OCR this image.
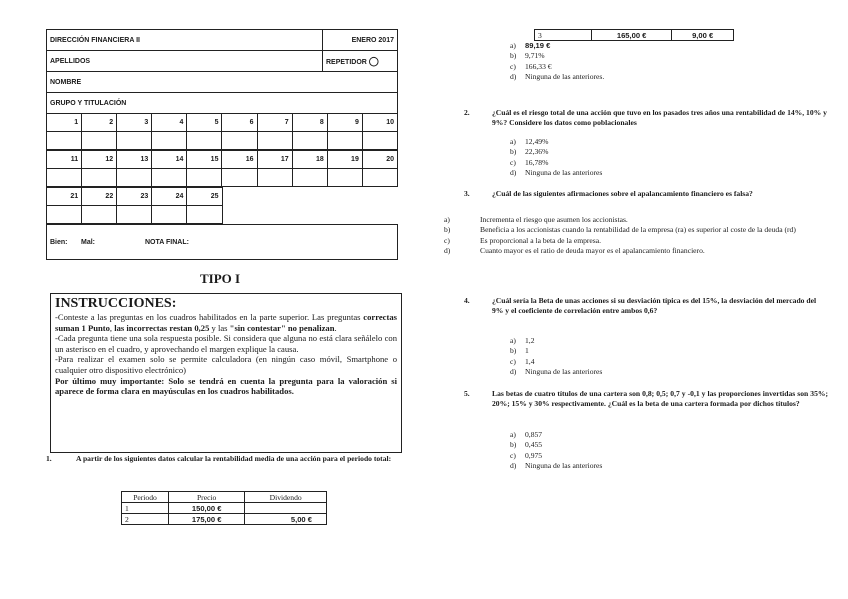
DIRECCIÓN FINANCIERA II	ENERO 2017
APELLIDOS	REPETIDOR ◯
NOMBRE	
GRUPO Y TITULACIÓN	
1	2	3	4	5	6	7	8	9	10

11	12	13	14	15	16	17	18	19	20

21	22	23	24	25					

Bien: Mal:	NOTA FINAL:
TIPO I
INSTRUCCIONES:

-Conteste a las preguntas en los cuadros habilitados en la parte superior. Las preguntas correctas suman 1 Punto, las incorrectas restan 0,25 y las "sin contestar" no penalizan.

-Cada pregunta tiene una sola respuesta posible. Si considera que alguna no está clara señálelo con un asterisco en el cuadro, y aprovechando el margen explique la causa.

-Para realizar el examen solo se permite calculadora (en ningún caso móvil, Smartphone o cualquier otro dispositivo electrónico)

Por último muy importante: Solo se tendrá en cuenta la pregunta para la valoración si aparece de forma clara en mayúsculas en los cuadros habilitados.

1.	A partir de los siguientes datos calcular la rentabilidad media de una acción para el periodo total:
Periodo	Precio	Dividendo
1	150,00 €	
2	175,00 €	5,00 €
3	165,00 €	9,00 €
a) 89,19 €
b) 9,71%
c) 166,33 €
d) Ninguna de las anteriores.
2.	¿Cuál es el riesgo total de una acción que tuvo en los pasados tres años una rentabilidad de 14%, 10% y 9%? Considere los datos como poblacionales
a) 12,49%
b) 22,36%
c) 16,78%
d) Ninguna de las anteriores
3.	¿Cuál de las siguientes afirmaciones sobre el apalancamiento financiero es falsa?
a)	Incrementa el riesgo que asumen los accionistas.
b)	Beneficia a los accionistas cuando la rentabilidad de la empresa (ra) es superior al coste de la deuda (rd)
c)	Es proporcional a la beta de la empresa.
d)	Cuanto mayor es el ratio de deuda mayor es el apalancamiento financiero.
4.	¿Cuál sería la Beta de unas acciones si su desviación típica es del 15%, la desviación del mercado del 9% y el coeficiente de correlación entre ambos 0,6?
a) 1,2
b) 1
c) 1,4
d) Ninguna de las anteriores
5.	Las betas de cuatro títulos de una cartera son 0,8; 0,5; 0,7 y -0,1 y las proporciones invertidas son 35%; 20%; 15% y 30% respectivamente. ¿Cuál es la beta de una cartera formada por dichos títulos?
a) 0,857
b) 0,455
c) 0,975
d) Ninguna de las anteriores
